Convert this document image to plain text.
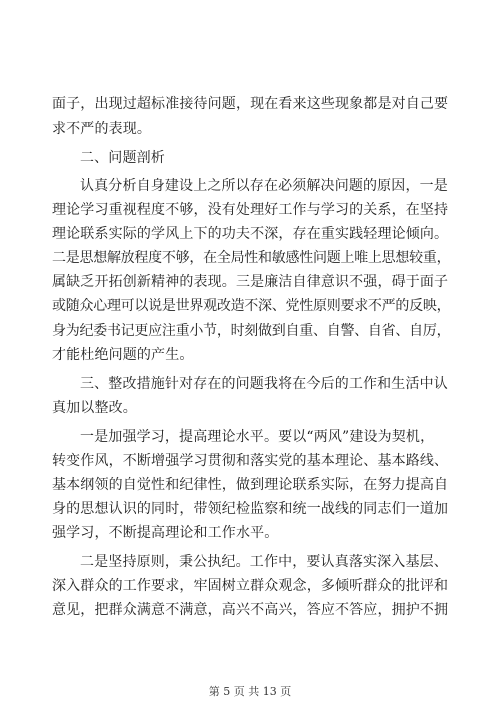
面子，出现过超标准接待问题，现在看来这些现象都是对自己要
求不严的表现。
二、问题剖析
认真分析自身建设上之所以存在必须解决问题的原因，一是
理论学习重视程度不够，没有处理好工作与学习的关系，在坚持
理论联系实际的学风上下的功夫不深，存在重实践轻理论倾向。
二是思想解放程度不够，在全局性和敏感性问题上唯上思想较重，
属缺乏开拓创新精神的表现。三是廉洁自律意识不强，碍于面子
或随众心理可以说是世界观改造不深、党性原则要求不严的反映，
身为纪委书记更应注重小节，时刻做到自重、自警、自省、自厉，
才能杜绝问题的产生。
三、整改措施针对存在的问题我将在今后的工作和生活中认
真加以整改。
一是加强学习，提高理论水平。要以“两风”建设为契机，
转变作风，不断增强学习贯彻和落实党的基本理论、基本路线、
基本纲领的自觉性和纪律性，做到理论联系实际，在努力提高自
身的思想认识的同时，带领纪检监察和统一战线的同志们一道加
强学习，不断提高理论和工作水平。
二是坚持原则，秉公执纪。工作中，要认真落实深入基层、
深入群众的工作要求，牢固树立群众观念，多倾听群众的批评和
意见，把群众满意不满意，高兴不高兴，答应不答应，拥护不拥
第 5 页 共 13 页
